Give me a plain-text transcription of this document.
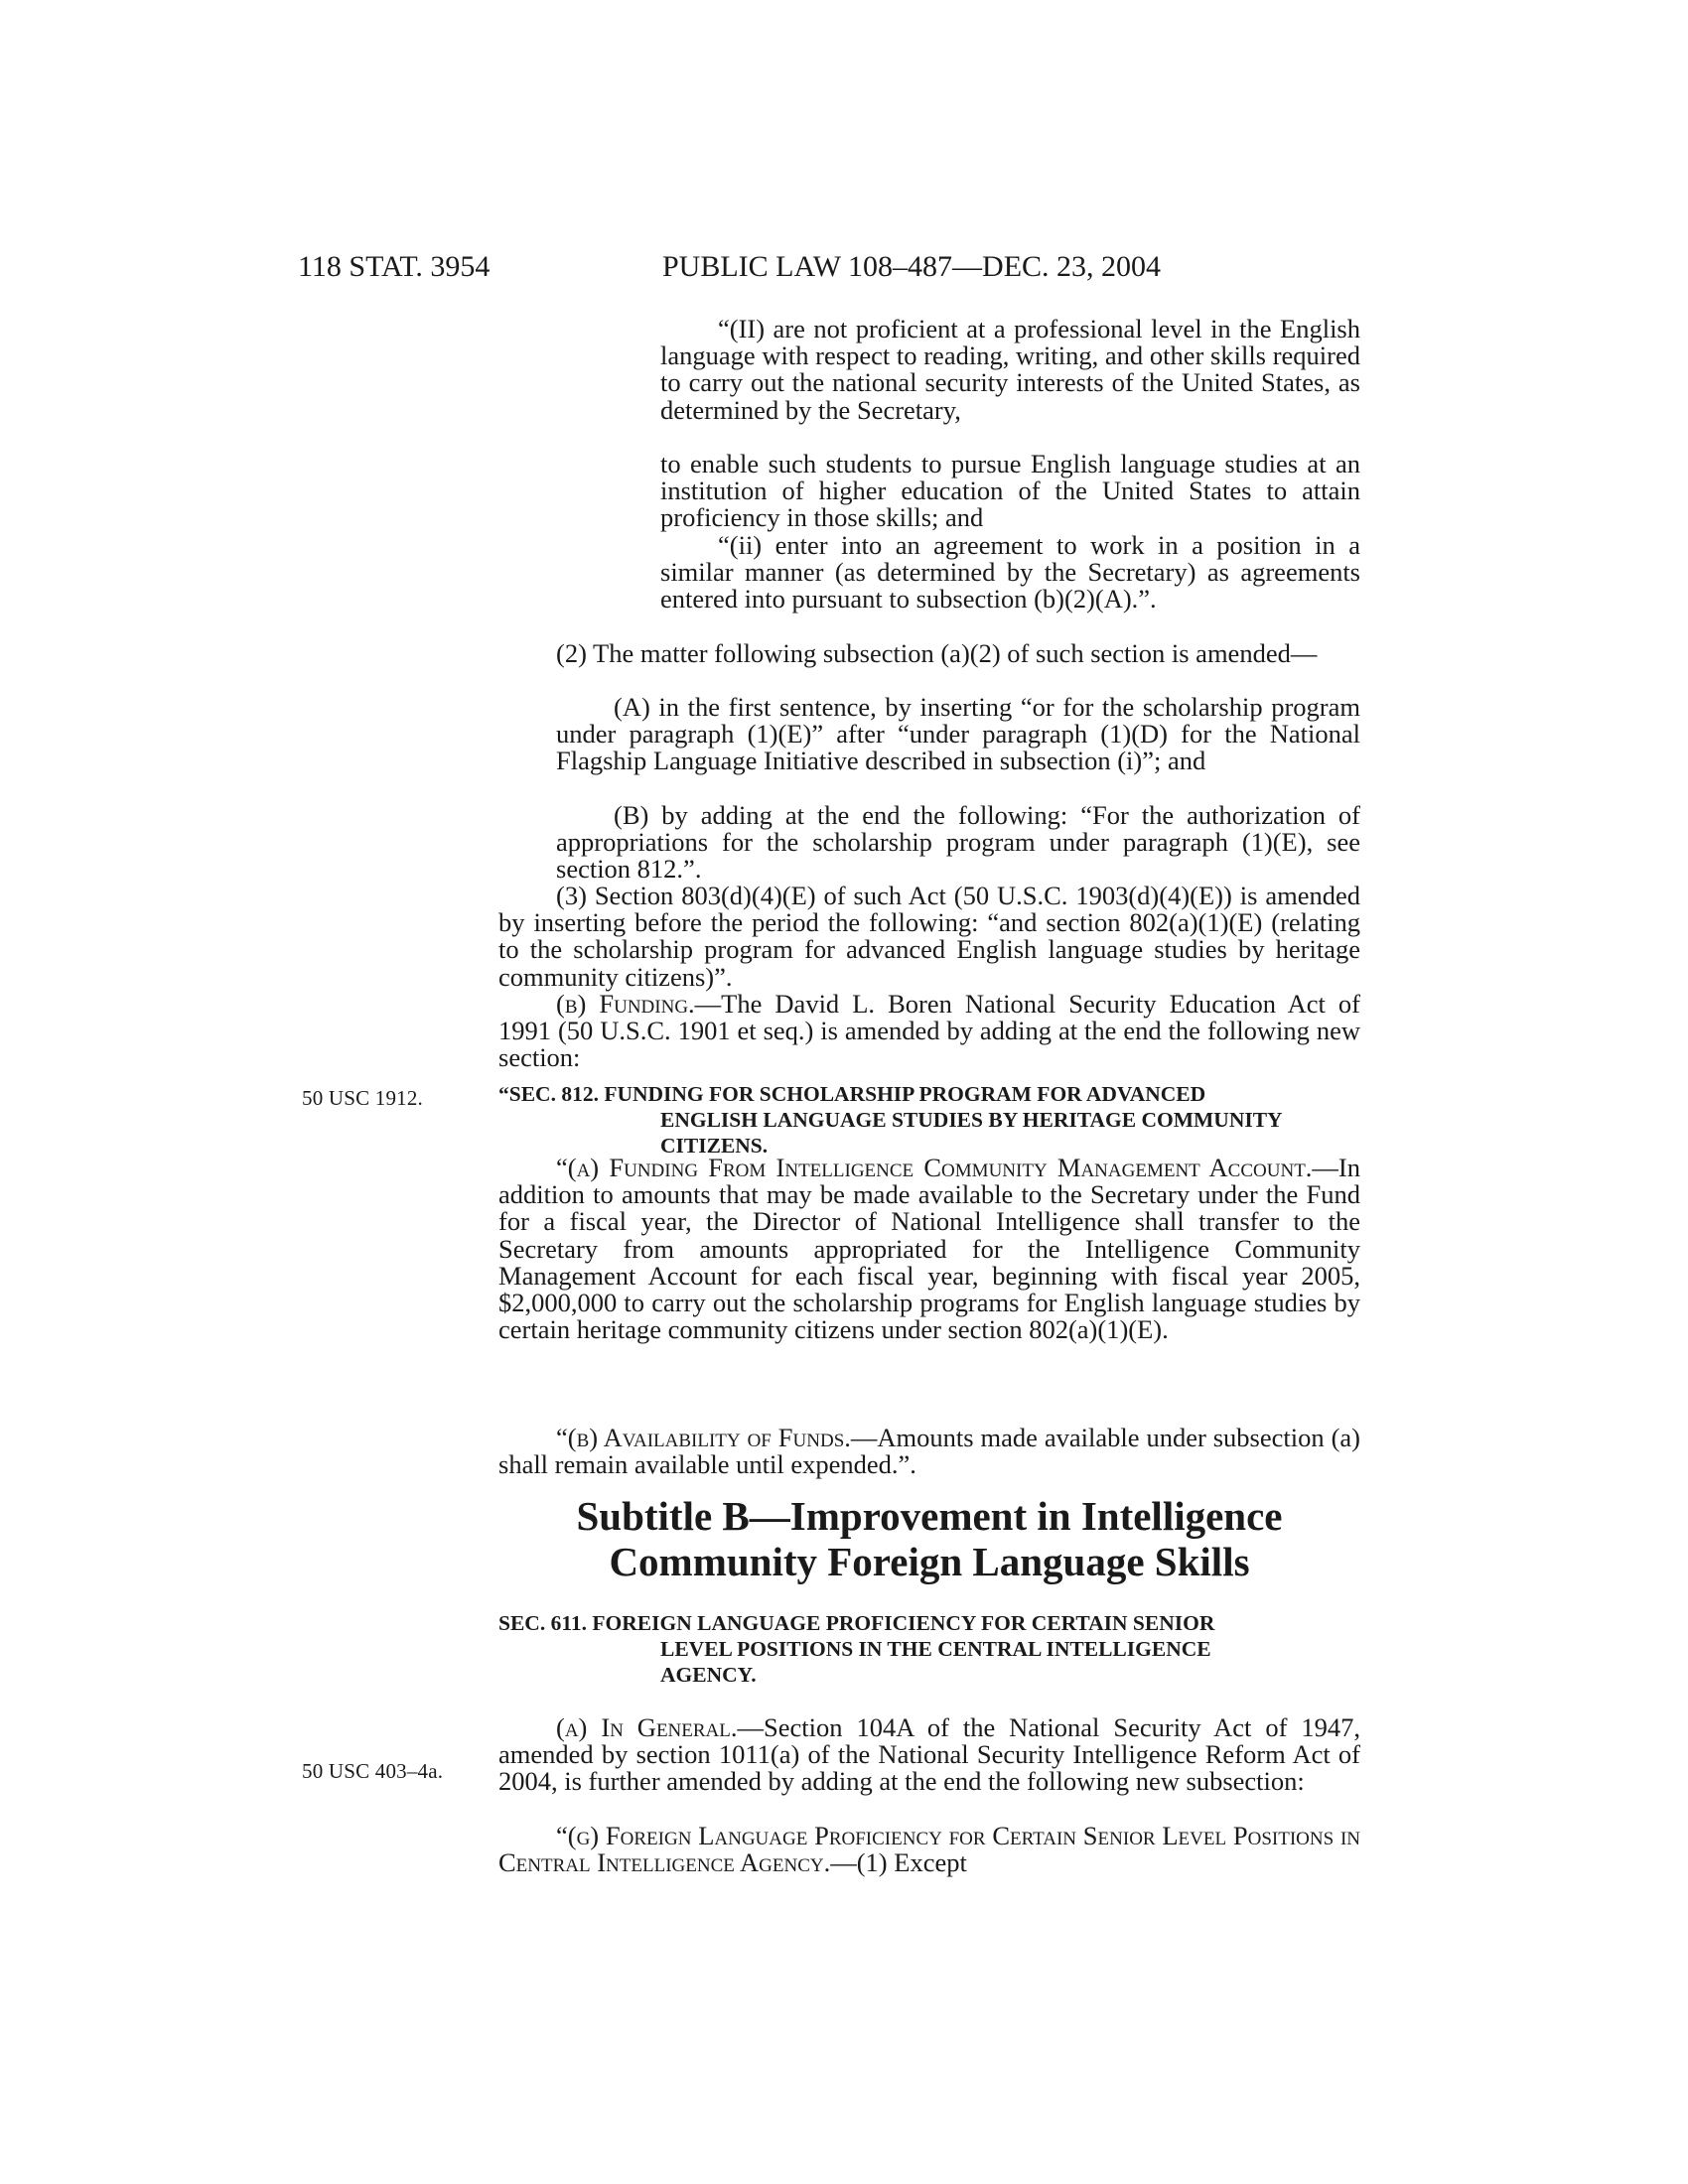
118 STAT. 3954	PUBLIC LAW 108–487—DEC. 23, 2004

“(II) are not proficient at a professional level in the English language with respect to reading, writing, and other skills required to carry out the national security interests of the United States, as determined by the Secretary,

to enable such students to pursue English language studies at an institution of higher education of the United States to attain proficiency in those skills; and

“(ii) enter into an agreement to work in a position in a similar manner (as determined by the Secretary) as agreements entered into pursuant to subsection (b)(2)(A).”.

(2) The matter following subsection (a)(2) of such section is amended—

(A) in the first sentence, by inserting “or for the scholarship program under paragraph (1)(E)” after “under paragraph (1)(D) for the National Flagship Language Initiative described in subsection (i)”; and

(B) by adding at the end the following: “For the authorization of appropriations for the scholarship program under paragraph (1)(E), see section 812.”.

(3) Section 803(d)(4)(E) of such Act (50 U.S.C. 1903(d)(4)(E)) is amended by inserting before the period the following: “and section 802(a)(1)(E) (relating to the scholarship program for advanced English language studies by heritage community citizens)”.

(b) Funding.—The David L. Boren National Security Education Act of 1991 (50 U.S.C. 1901 et seq.) is amended by adding at the end the following new section:

“(a) Funding From Intelligence Community Management Account.—In addition to amounts that may be made available to the Secretary under the Fund for a fiscal year, the Director of National Intelligence shall transfer to the Secretary from amounts appropriated for the Intelligence Community Management Account for each fiscal year, beginning with fiscal year 2005, $2,000,000 to carry out the scholarship programs for English language studies by certain heritage community citizens under section 802(a)(1)(E).

“(b) Availability of Funds.—Amounts made available under subsection (a) shall remain available until expended.”.

(a) In General.—Section 104A of the National Security Act of 1947, amended by section 1011(a) of the National Security Intelligence Reform Act of 2004, is further amended by adding at the end the following new subsection:

“(g) Foreign Language Proficiency for Certain Senior Level Positions in Central Intelligence Agency.—(1) Except

“SEC. 812. FUNDING FOR SCHOLARSHIP PROGRAM FOR ADVANCED
ENGLISH LANGUAGE STUDIES BY HERITAGE COMMUNITY
CITIZENS.
Subtitle B—Improvement in Intelligence
Community Foreign Language Skills
SEC. 611. FOREIGN LANGUAGE PROFICIENCY FOR CERTAIN SENIOR
LEVEL POSITIONS IN THE CENTRAL INTELLIGENCE
AGENCY.
50 USC 1912.
50 USC 403–4a.
